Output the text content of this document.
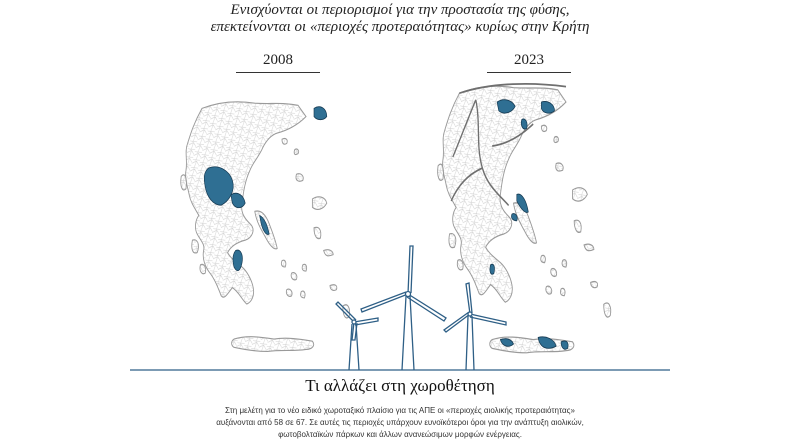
Ενισχύονται οι περιορισμοί για την προστασία της φύσης,
επεκτείνονται οι «περιοχές προτεραιότητας» κυρίως στην Κρήτη
2008	2023
Τι αλλάζει στη χωροθέτηση
Στη μελέτη για το νέο ειδικό χωροταξικό πλαίσιο για τις ΑΠΕ οι «περιοχές αιολικής προτεραιότητας» αυξάνονται από 58 σε 67. Σε αυτές τις περιοχές υπάρχουν ευνοϊκότεροι όροι για την ανάπτυξη αιολικών, φωτοβολταϊκών πάρκων και άλλων ανανεώσιμων μορφών ενέργειας.
